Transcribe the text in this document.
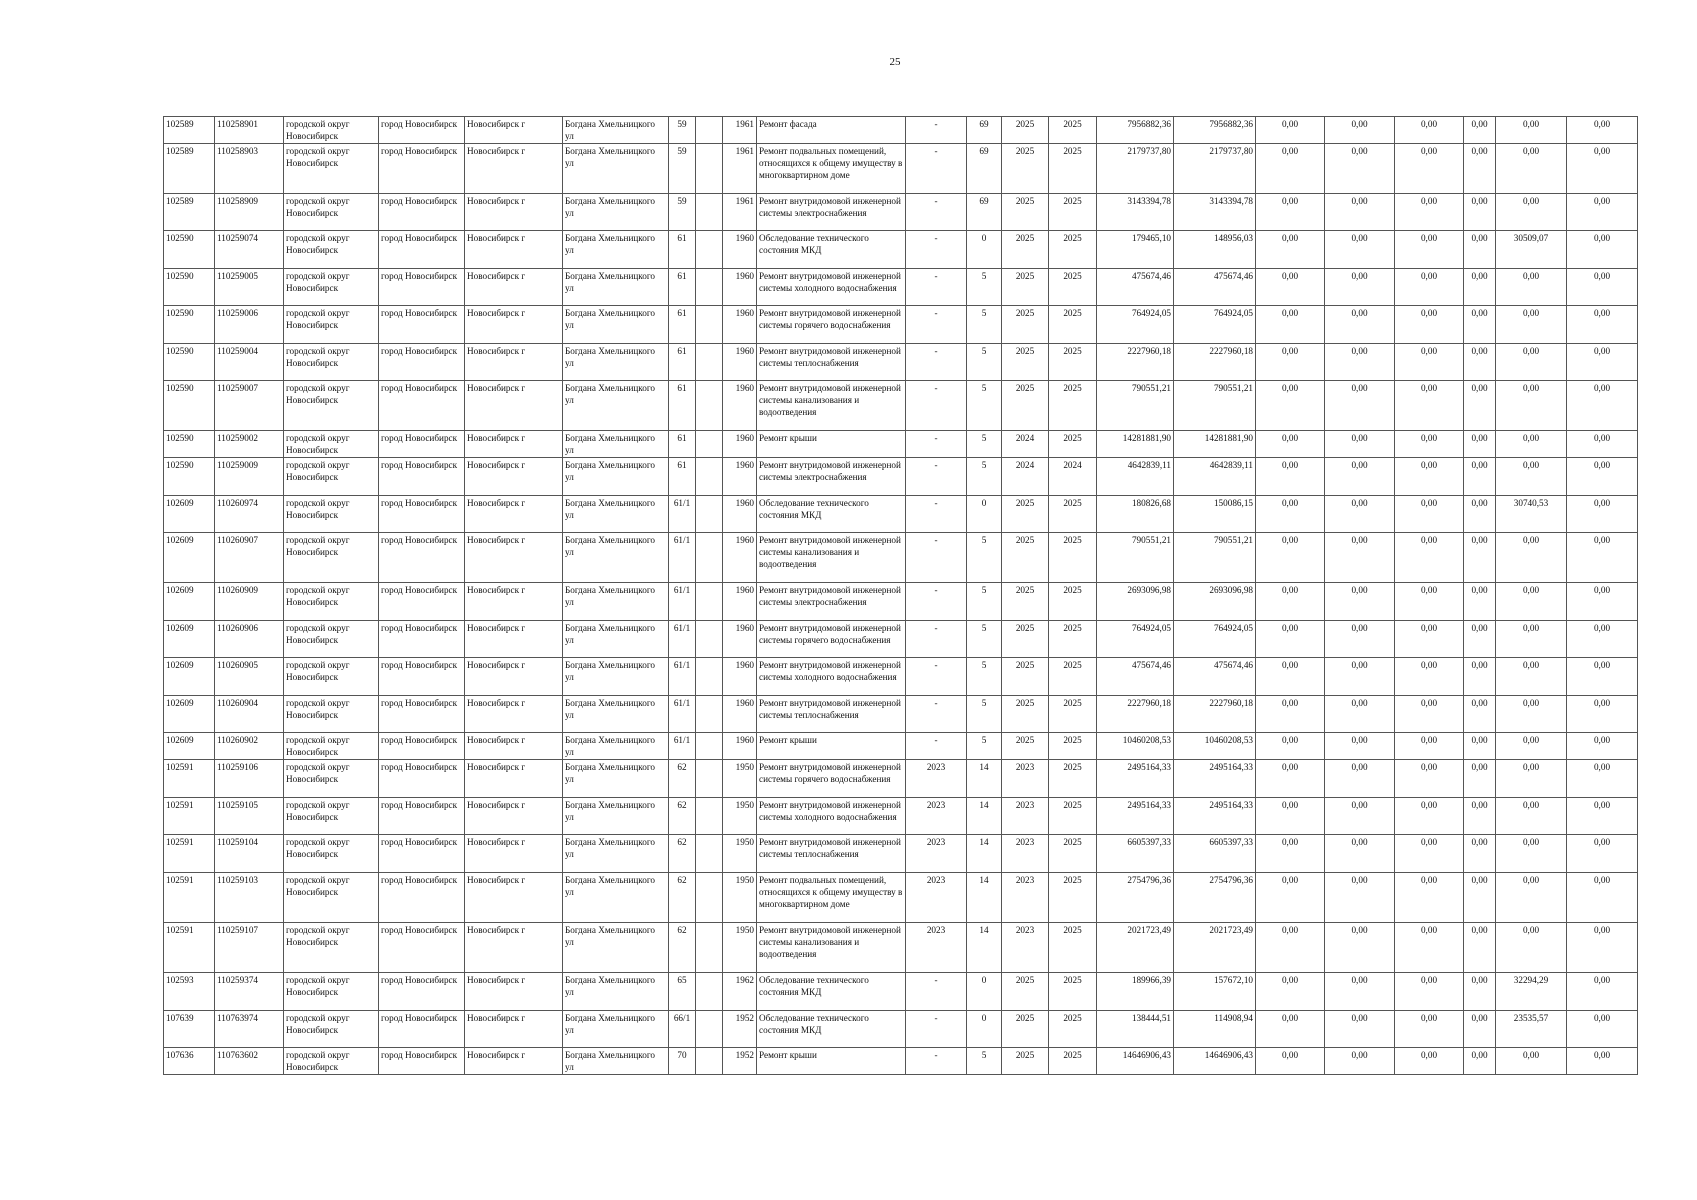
25
102589	110258901	городской округ Новосибирск	город Новосибирск	Новосибирск г	Богдана Хмельницкого ул	59		1961	Ремонт фасада	-	69	2025	2025	7956882,36	7956882,36	0,00	0,00	0,00	0,00	0,00	0,00
102589	110258903	городской округ Новосибирск	город Новосибирск	Новосибирск г	Богдана Хмельницкого ул	59		1961	Ремонт подвальных помещений, относящихся к общему имуществу в многоквартирном доме	-	69	2025	2025	2179737,80	2179737,80	0,00	0,00	0,00	0,00	0,00	0,00
102589	110258909	городской округ Новосибирск	город Новосибирск	Новосибирск г	Богдана Хмельницкого ул	59		1961	Ремонт внутридомовой инженерной системы электроснабжения	-	69	2025	2025	3143394,78	3143394,78	0,00	0,00	0,00	0,00	0,00	0,00
102590	110259074	городской округ Новосибирск	город Новосибирск	Новосибирск г	Богдана Хмельницкого ул	61		1960	Обследование технического состояния МКД	-	0	2025	2025	179465,10	148956,03	0,00	0,00	0,00	0,00	30509,07	0,00
102590	110259005	городской округ Новосибирск	город Новосибирск	Новосибирск г	Богдана Хмельницкого ул	61		1960	Ремонт внутридомовой инженерной системы холодного водоснабжения	-	5	2025	2025	475674,46	475674,46	0,00	0,00	0,00	0,00	0,00	0,00
102590	110259006	городской округ Новосибирск	город Новосибирск	Новосибирск г	Богдана Хмельницкого ул	61		1960	Ремонт внутридомовой инженерной системы горячего водоснабжения	-	5	2025	2025	764924,05	764924,05	0,00	0,00	0,00	0,00	0,00	0,00
102590	110259004	городской округ Новосибирск	город Новосибирск	Новосибирск г	Богдана Хмельницкого ул	61		1960	Ремонт внутридомовой инженерной системы теплоснабжения	-	5	2025	2025	2227960,18	2227960,18	0,00	0,00	0,00	0,00	0,00	0,00
102590	110259007	городской округ Новосибирск	город Новосибирск	Новосибирск г	Богдана Хмельницкого ул	61		1960	Ремонт внутридомовой инженерной системы канализования и водоотведения	-	5	2025	2025	790551,21	790551,21	0,00	0,00	0,00	0,00	0,00	0,00
102590	110259002	городской округ Новосибирск	город Новосибирск	Новосибирск г	Богдана Хмельницкого ул	61		1960	Ремонт крыши	-	5	2024	2025	14281881,90	14281881,90	0,00	0,00	0,00	0,00	0,00	0,00
102590	110259009	городской округ Новосибирск	город Новосибирск	Новосибирск г	Богдана Хмельницкого ул	61		1960	Ремонт внутридомовой инженерной системы электроснабжения	-	5	2024	2024	4642839,11	4642839,11	0,00	0,00	0,00	0,00	0,00	0,00
102609	110260974	городской округ Новосибирск	город Новосибирск	Новосибирск г	Богдана Хмельницкого ул	61/1		1960	Обследование технического состояния МКД	-	0	2025	2025	180826,68	150086,15	0,00	0,00	0,00	0,00	30740,53	0,00
102609	110260907	городской округ Новосибирск	город Новосибирск	Новосибирск г	Богдана Хмельницкого ул	61/1		1960	Ремонт внутридомовой инженерной системы канализования и водоотведения	-	5	2025	2025	790551,21	790551,21	0,00	0,00	0,00	0,00	0,00	0,00
102609	110260909	городской округ Новосибирск	город Новосибирск	Новосибирск г	Богдана Хмельницкого ул	61/1		1960	Ремонт внутридомовой инженерной системы электроснабжения	-	5	2025	2025	2693096,98	2693096,98	0,00	0,00	0,00	0,00	0,00	0,00
102609	110260906	городской округ Новосибирск	город Новосибирск	Новосибирск г	Богдана Хмельницкого ул	61/1		1960	Ремонт внутридомовой инженерной системы горячего водоснабжения	-	5	2025	2025	764924,05	764924,05	0,00	0,00	0,00	0,00	0,00	0,00
102609	110260905	городской округ Новосибирск	город Новосибирск	Новосибирск г	Богдана Хмельницкого ул	61/1		1960	Ремонт внутридомовой инженерной системы холодного водоснабжения	-	5	2025	2025	475674,46	475674,46	0,00	0,00	0,00	0,00	0,00	0,00
102609	110260904	городской округ Новосибирск	город Новосибирск	Новосибирск г	Богдана Хмельницкого ул	61/1		1960	Ремонт внутридомовой инженерной системы теплоснабжения	-	5	2025	2025	2227960,18	2227960,18	0,00	0,00	0,00	0,00	0,00	0,00
102609	110260902	городской округ Новосибирск	город Новосибирск	Новосибирск г	Богдана Хмельницкого ул	61/1		1960	Ремонт крыши	-	5	2025	2025	10460208,53	10460208,53	0,00	0,00	0,00	0,00	0,00	0,00
102591	110259106	городской округ Новосибирск	город Новосибирск	Новосибирск г	Богдана Хмельницкого ул	62		1950	Ремонт внутридомовой инженерной системы горячего водоснабжения	2023	14	2023	2025	2495164,33	2495164,33	0,00	0,00	0,00	0,00	0,00	0,00
102591	110259105	городской округ Новосибирск	город Новосибирск	Новосибирск г	Богдана Хмельницкого ул	62		1950	Ремонт внутридомовой инженерной системы холодного водоснабжения	2023	14	2023	2025	2495164,33	2495164,33	0,00	0,00	0,00	0,00	0,00	0,00
102591	110259104	городской округ Новосибирск	город Новосибирск	Новосибирск г	Богдана Хмельницкого ул	62		1950	Ремонт внутридомовой инженерной системы теплоснабжения	2023	14	2023	2025	6605397,33	6605397,33	0,00	0,00	0,00	0,00	0,00	0,00
102591	110259103	городской округ Новосибирск	город Новосибирск	Новосибирск г	Богдана Хмельницкого ул	62		1950	Ремонт подвальных помещений, относящихся к общему имуществу в многоквартирном доме	2023	14	2023	2025	2754796,36	2754796,36	0,00	0,00	0,00	0,00	0,00	0,00
102591	110259107	городской округ Новосибирск	город Новосибирск	Новосибирск г	Богдана Хмельницкого ул	62		1950	Ремонт внутридомовой инженерной системы канализования и водоотведения	2023	14	2023	2025	2021723,49	2021723,49	0,00	0,00	0,00	0,00	0,00	0,00
102593	110259374	городской округ Новосибирск	город Новосибирск	Новосибирск г	Богдана Хмельницкого ул	65		1962	Обследование технического состояния МКД	-	0	2025	2025	189966,39	157672,10	0,00	0,00	0,00	0,00	32294,29	0,00
107639	110763974	городской округ Новосибирск	город Новосибирск	Новосибирск г	Богдана Хмельницкого ул	66/1		1952	Обследование технического состояния МКД	-	0	2025	2025	138444,51	114908,94	0,00	0,00	0,00	0,00	23535,57	0,00
107636	110763602	городской округ Новосибирск	город Новосибирск	Новосибирск г	Богдана Хмельницкого ул	70		1952	Ремонт крыши	-	5	2025	2025	14646906,43	14646906,43	0,00	0,00	0,00	0,00	0,00	0,00
